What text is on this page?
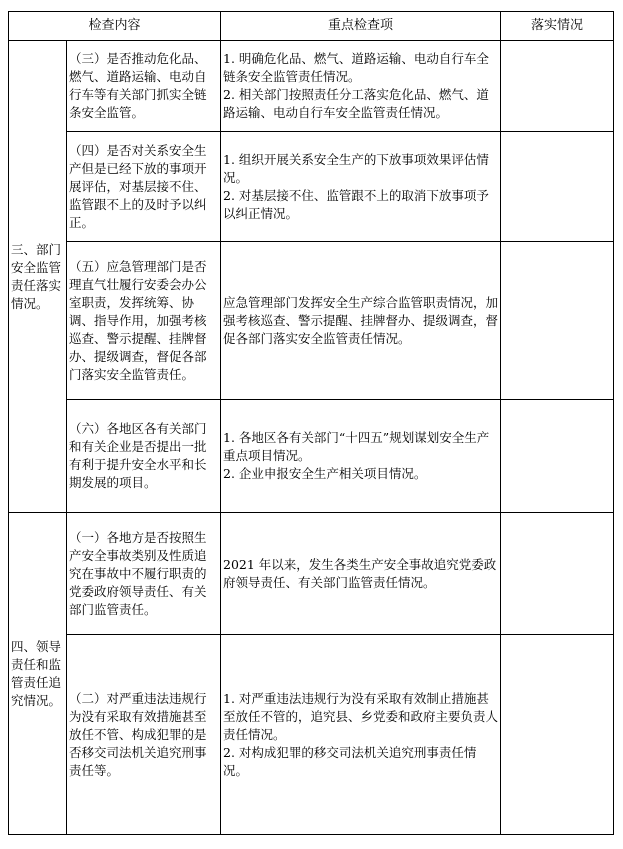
检查内容		重点检查项	落实情况
三、部门安全监管责任落实情况。	（三）是否推动危化品、燃气、道路运输、电动自行车等有关部门抓实全链条安全监管。	1. 明确危化品、燃气、道路运输、电动自行车全链条安全监管责任情况。
2. 相关部门按照责任分工落实危化品、燃气、道路运输、电动自行车安全监管责任情况。	

	（四）是否对关系安全生产但是已经下放的事项开展评估，对基层接不住、监管跟不上的及时予以纠正。	1. 组织开展关系安全生产的下放事项效果评估情况。
2. 对基层接不住、监管跟不上的取消下放事项予以纠正情况。	

	（五）应急管理部门是否理直气壮履行安委会办公室职责，发挥统筹、协调、指导作用，加强考核巡查、警示提醒、挂牌督办、提级调查，督促各部门落实安全监管责任。	应急管理部门发挥安全生产综合监管职责情况，加强考核巡查、警示提醒、挂牌督办、提级调查，督促各部门落实安全监管责任情况。	

	（六）各地区各有关部门和有关企业是否提出一批有利于提升安全水平和长期发展的项目。	1. 各地区各有关部门“十四五”规划谋划安全生产重点项目情况。
2. 企业申报安全生产相关项目情况。	

四、领导责任和监管责任追究情况。	（一）各地方是否按照生产安全事故类别及性质追究在事故中不履行职责的党委政府领导责任、有关部门监管责任。	2021 年以来，发生各类生产安全事故追究党委政府领导责任、有关部门监管责任情况。	

	（二）对严重违法违规行为没有采取有效措施甚至放任不管、构成犯罪的是否移交司法机关追究刑事责任等。	1. 对严重违法违规行为没有采取有效制止措施甚至放任不管的，追究县、乡党委和政府主要负责人责任情况。
2. 对构成犯罪的移交司法机关追究刑事责任情况。	
